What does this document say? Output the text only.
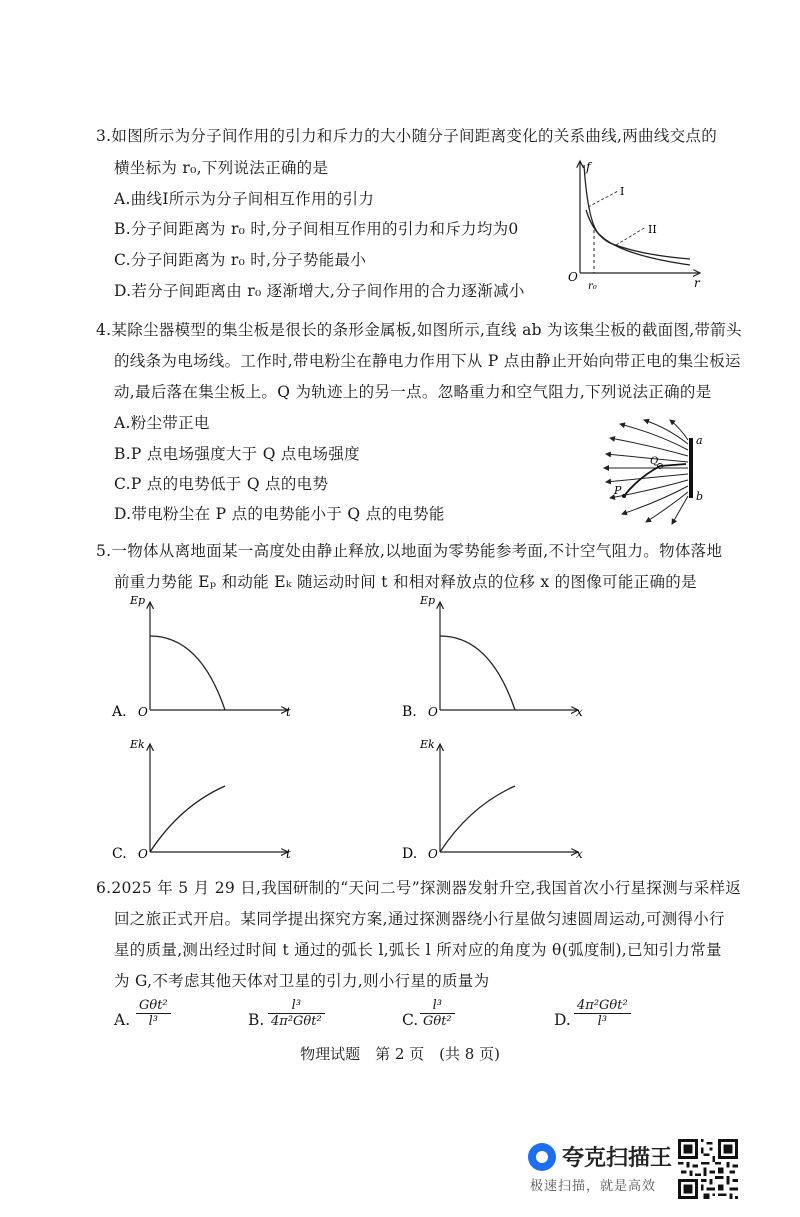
3.如图所示为分子间作用的引力和斥力的大小随分子间距离变化的关系曲线,两曲线交点的
横坐标为 r₀,下列说法正确的是
A.曲线Ⅰ所示为分子间相互作用的引力
B.分子间距离为 r₀ 时,分子间相互作用的引力和斥力均为0
C.分子间距离为 r₀ 时,分子势能最小
D.若分子间距离由 r₀ 逐渐增大,分子间作用的合力逐渐减小
f
r
O
r₀
I
II
4.某除尘器模型的集尘板是很长的条形金属板,如图所示,直线 ab 为该集尘板的截面图,带箭头
的线条为电场线。工作时,带电粉尘在静电力作用下从 P 点由静止开始向带正电的集尘板运
动,最后落在集尘板上。Q 为轨迹上的另一点。忽略重力和空气阻力,下列说法正确的是
A.粉尘带正电
B.P 点电场强度大于 Q 点电场强度
C.P 点的电势低于 Q 点的电势
D.带电粉尘在 P 点的电势能小于 Q 点的电势能
a
b
P
Q
5.一物体从离地面某一高度处由静止释放,以地面为零势能参考面,不计空气阻力。物体落地
前重力势能 Eₚ 和动能 Eₖ 随运动时间 t 和相对释放点的位移 x 的图像可能正确的是
Ep
t
O
A.
Ep
x
O
B.
Ek
t
O
C.
Ek
x
O
D.
6.2025 年 5 月 29 日,我国研制的“天问二号”探测器发射升空,我国首次小行星探测与采样返
回之旅正式开启。某同学提出探究方案,通过探测器绕小行星做匀速圆周运动,可测得小行
星的质量,测出经过时间 t 通过的弧长 l,弧长 l 所对应的角度为 θ(弧度制),已知引力常量
为 G,不考虑其他天体对卫星的引力,则小行星的质量为
A.
Gθt²
l³	B.
l³
4π²Gθt²	C.
l³
Gθt²	D.
4π²Gθt²
l³
物理试题　第 2 页　(共 8 页)
夸克扫描王
极速扫描，就是高效
